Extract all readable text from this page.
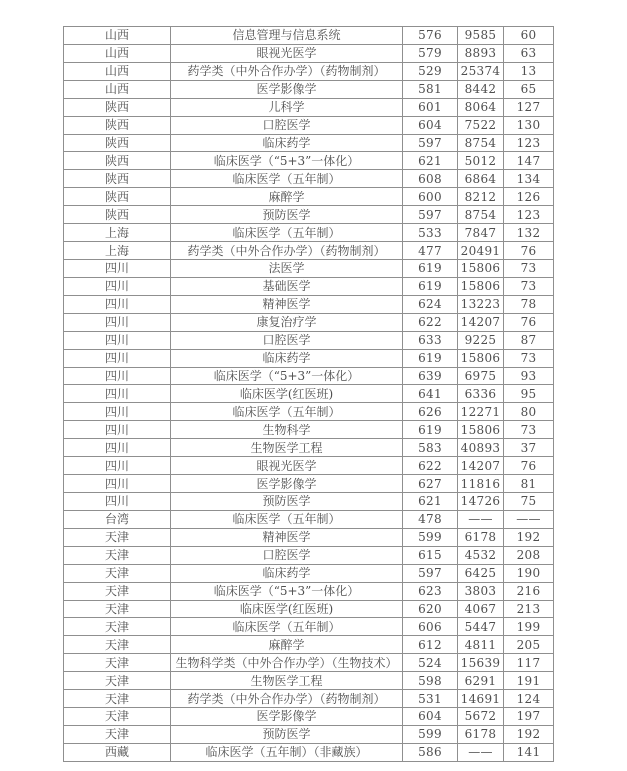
山西	信息管理与信息系统	576	9585	60
山西	眼视光医学	579	8893	63
山西	药学类（中外合作办学）（药物制剂）	529	25374	13
山西	医学影像学	581	8442	65
陕西	儿科学	601	8064	127
陕西	口腔医学	604	7522	130
陕西	临床药学	597	8754	123
陕西	临床医学（“5+3”一体化）	621	5012	147
陕西	临床医学（五年制）	608	6864	134
陕西	麻醉学	600	8212	126
陕西	预防医学	597	8754	123
上海	临床医学（五年制）	533	7847	132
上海	药学类（中外合作办学）（药物制剂）	477	20491	76
四川	法医学	619	15806	73
四川	基础医学	619	15806	73
四川	精神医学	624	13223	78
四川	康复治疗学	622	14207	76
四川	口腔医学	633	9225	87
四川	临床药学	619	15806	73
四川	临床医学（“5+3”一体化）	639	6975	93
四川	临床医学(红医班)	641	6336	95
四川	临床医学（五年制）	626	12271	80
四川	生物科学	619	15806	73
四川	生物医学工程	583	40893	37
四川	眼视光医学	622	14207	76
四川	医学影像学	627	11816	81
四川	预防医学	621	14726	75
台湾	临床医学（五年制）	478	——	——
天津	精神医学	599	6178	192
天津	口腔医学	615	4532	208
天津	临床药学	597	6425	190
天津	临床医学（“5+3”一体化）	623	3803	216
天津	临床医学(红医班)	620	4067	213
天津	临床医学（五年制）	606	5447	199
天津	麻醉学	612	4811	205
天津	生物科学类（中外合作办学）（生物技术）	524	15639	117
天津	生物医学工程	598	6291	191
天津	药学类（中外合作办学）（药物制剂）	531	14691	124
天津	医学影像学	604	5672	197
天津	预防医学	599	6178	192
西藏	临床医学（五年制）（非藏族）	586	——	141
